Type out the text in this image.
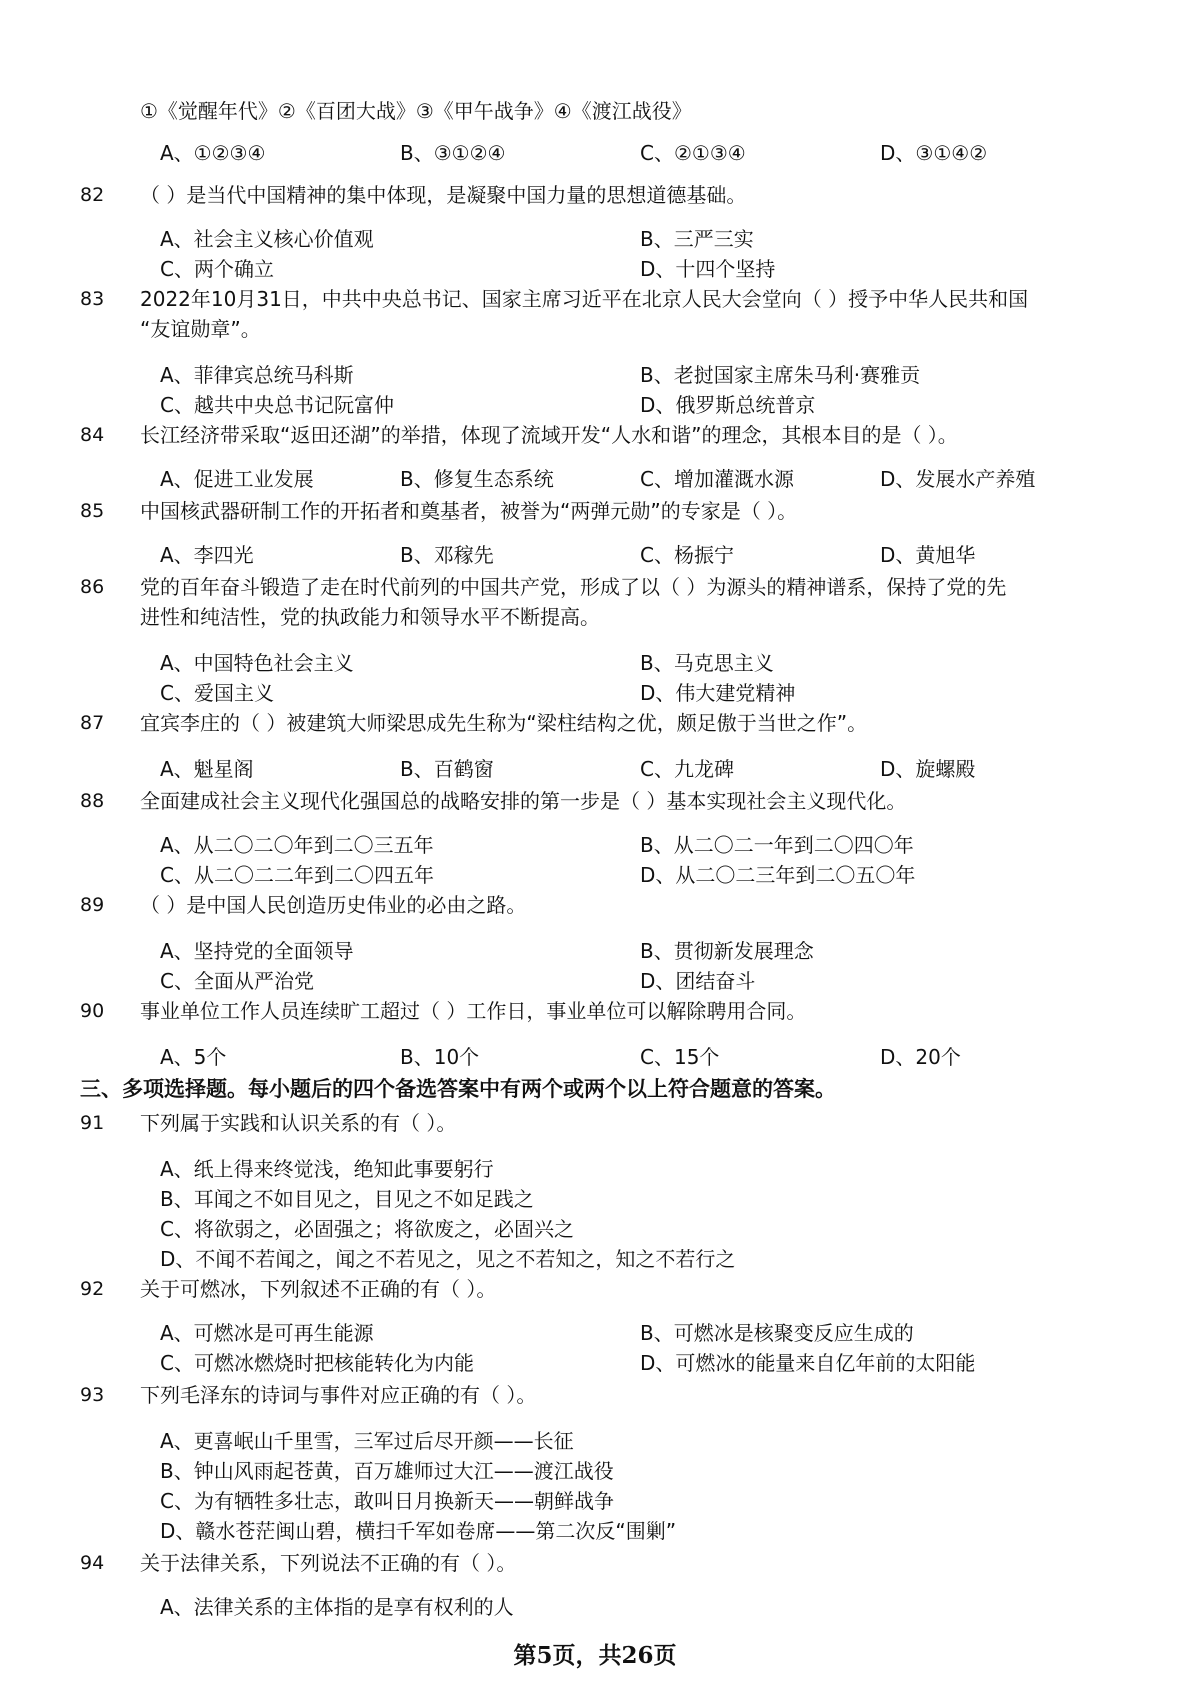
①《觉醒年代》②《百团大战》③《甲午战争》④《渡江战役》
A、①②③④	B、③①②④	C、②①③④	D、③①④②
82 （ ）是当代中国精神的集中体现，是凝聚中国力量的思想道德基础。
A、社会主义核心价值观	B、三严三实
C、两个确立	D、十四个坚持
83 2022年10月31日，中共中央总书记、国家主席习近平在北京人民大会堂向（ ）授予中华人民共和国
“友谊勋章”。
A、菲律宾总统马科斯	B、老挝国家主席朱马利·赛雅贡
C、越共中央总书记阮富仲	D、俄罗斯总统普京
84 长江经济带采取“返田还湖”的举措，体现了流域开发“人水和谐”的理念，其根本目的是（ ）。
A、促进工业发展	B、修复生态系统	C、增加灌溉水源	D、发展水产养殖
85 中国核武器研制工作的开拓者和奠基者，被誉为“两弹元勋”的专家是（ ）。
A、李四光	B、邓稼先	C、杨振宁	D、黄旭华
86 党的百年奋斗锻造了走在时代前列的中国共产党，形成了以（ ）为源头的精神谱系，保持了党的先
进性和纯洁性，党的执政能力和领导水平不断提高。
A、中国特色社会主义	B、马克思主义
C、爱国主义	D、伟大建党精神
87 宜宾李庄的（ ）被建筑大师梁思成先生称为“梁柱结构之优，颇足傲于当世之作”。
A、魁星阁	B、百鹤窗	C、九龙碑	D、旋螺殿
88 全面建成社会主义现代化强国总的战略安排的第一步是（ ）基本实现社会主义现代化。
A、从二〇二〇年到二〇三五年	B、从二〇二一年到二〇四〇年
C、从二〇二二年到二〇四五年	D、从二〇二三年到二〇五〇年
89 （ ）是中国人民创造历史伟业的必由之路。
A、坚持党的全面领导	B、贯彻新发展理念
C、全面从严治党	D、团结奋斗
90 事业单位工作人员连续旷工超过（ ）工作日，事业单位可以解除聘用合同。
A、5个	B、10个	C、15个	D、20个
三、多项选择题。每小题后的四个备选答案中有两个或两个以上符合题意的答案。
91 下列属于实践和认识关系的有（ ）。
A、纸上得来终觉浅，绝知此事要躬行
B、耳闻之不如目见之，目见之不如足践之
C、将欲弱之，必固强之；将欲废之，必固兴之
D、不闻不若闻之，闻之不若见之，见之不若知之，知之不若行之
92 关于可燃冰，下列叙述不正确的有（ ）。
A、可燃冰是可再生能源	B、可燃冰是核聚变反应生成的
C、可燃冰燃烧时把核能转化为内能	D、可燃冰的能量来自亿年前的太阳能
93 下列毛泽东的诗词与事件对应正确的有（ ）。
A、更喜岷山千里雪，三军过后尽开颜——长征
B、钟山风雨起苍黄，百万雄师过大江——渡江战役
C、为有牺牲多壮志，敢叫日月换新天——朝鲜战争
D、赣水苍茫闽山碧，横扫千军如卷席——第二次反“围剿”
94 关于法律关系，下列说法不正确的有（ ）。
A、法律关系的主体指的是享有权利的人
第5页，共26页
